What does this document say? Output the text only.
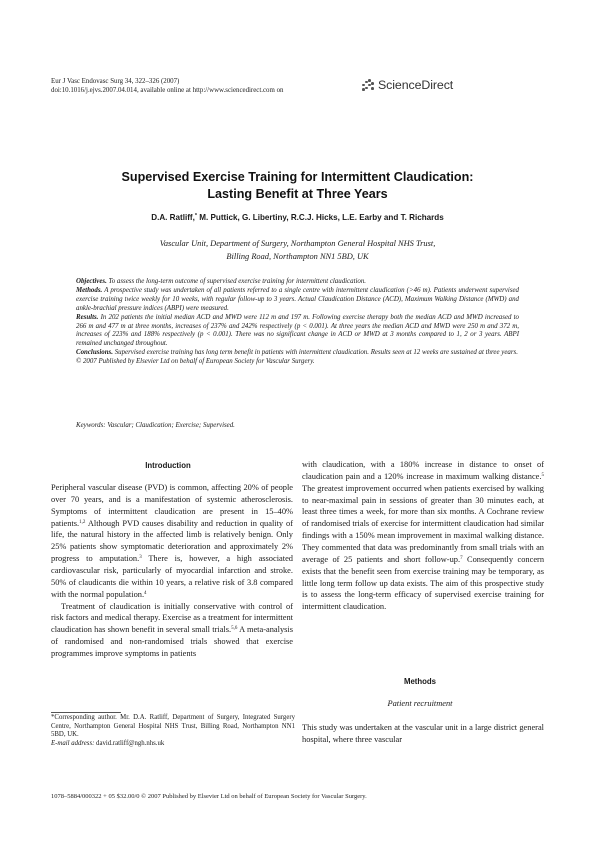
Eur J Vasc Endovasc Surg 34, 322–326 (2007)
doi:10.1016/j.ejvs.2007.04.014, available online at http://www.sciencedirect.com on	ScienceDirect
Supervised Exercise Training for Intermittent Claudication:
Lasting Benefit at Three Years
D.A. Ratliff,* M. Puttick, G. Libertiny, R.C.J. Hicks, L.E. Earby and T. Richards
Vascular Unit, Department of Surgery, Northampton General Hospital NHS Trust,
Billing Road, Northampton NN1 5BD, UK

Objectives. To assess the long-term outcome of supervised exercise training for intermittent claudication.

Methods. A prospective study was undertaken of all patients referred to a single centre with intermittent claudication (>46 m). Patients underwent supervised exercise training twice weekly for 10 weeks, with regular follow-up to 3 years. Actual Claudication Distance (ACD), Maximum Walking Distance (MWD) and ankle-brachial pressure indices (ABPI) were measured.

Results. In 202 patients the initial median ACD and MWD were 112 m and 197 m. Following exercise therapy both the median ACD and MWD increased to 266 m and 477 m at three months, increases of 237% and 242% respectively (p < 0.001). At three years the median ACD and MWD were 250 m and 372 m, increases of 223% and 188% respectively (p < 0.001). There was no significant change in ACD or MWD at 3 months compared to 1, 2 or 3 years. ABPI remained unchanged throughout.

Conclusions. Supervised exercise training has long term benefit in patients with intermittent claudication. Results seen at 12 weeks are sustained at three years.

© 2007 Published by Elsevier Ltd on behalf of European Society for Vascular Surgery.

Keywords: Vascular; Claudication; Exercise; Supervised.
Introduction

Peripheral vascular disease (PVD) is common, affecting 20% of people over 70 years, and is a manifestation of systemic atherosclerosis. Symptoms of intermittent claudication are present in 15–40% patients.$^{1,2}$ Although PVD causes disability and reduction in quality of life, the natural history in the affected limb is relatively benign. Only 25% patients show symptomatic deterioration and approximately 2% progress to amputation.$^3$ There is, however, a high associated cardiovascular risk, particularly of myocardial infarction and stroke. 50% of claudicants die within 10 years, a relative risk of 3.8 compared with the normal population.$^4$

Treatment of claudication is initially conservative with control of risk factors and medical therapy. Exercise as a treatment for intermittent claudication has shown benefit in several small trials.$^{5,6}$ A meta-analysis of randomised and non-randomised trials showed that exercise programmes improve symptoms in patients

with claudication, with a 180% increase in distance to onset of claudication pain and a 120% increase in maximum walking distance.$^5$ The greatest improvement occurred when patients exercised by walking to near-maximal pain in sessions of greater than 30 minutes each, at least three times a week, for more than six months. A Cochrane review of randomised trials of exercise for intermittent claudication had similar findings with a 150% mean improvement in maximal walking distance. They commented that data was predominantly from small trials with an average of 25 patients and short follow-up.$^7$ Consequently concern exists that the benefit seen from exercise training may be temporary, as little long term follow up data exists. The aim of this prospective study is to assess the long-term efficacy of supervised exercise training for intermittent claudication.

Methods
Patient recruitment
This study was undertaken at the vascular unit in a large district general hospital, where three vascular

*Corresponding author. Mr. D.A. Ratliff, Department of Surgery, Integrated Surgery Centre, Northampton General Hospital NHS Trust, Billing Road, Northampton NN1 5BD, UK.

E-mail address: david.ratliff@ngh.nhs.uk

1078–5884/000322 + 05 $32.00/0 © 2007 Published by Elsevier Ltd on behalf of European Society for Vascular Surgery.
